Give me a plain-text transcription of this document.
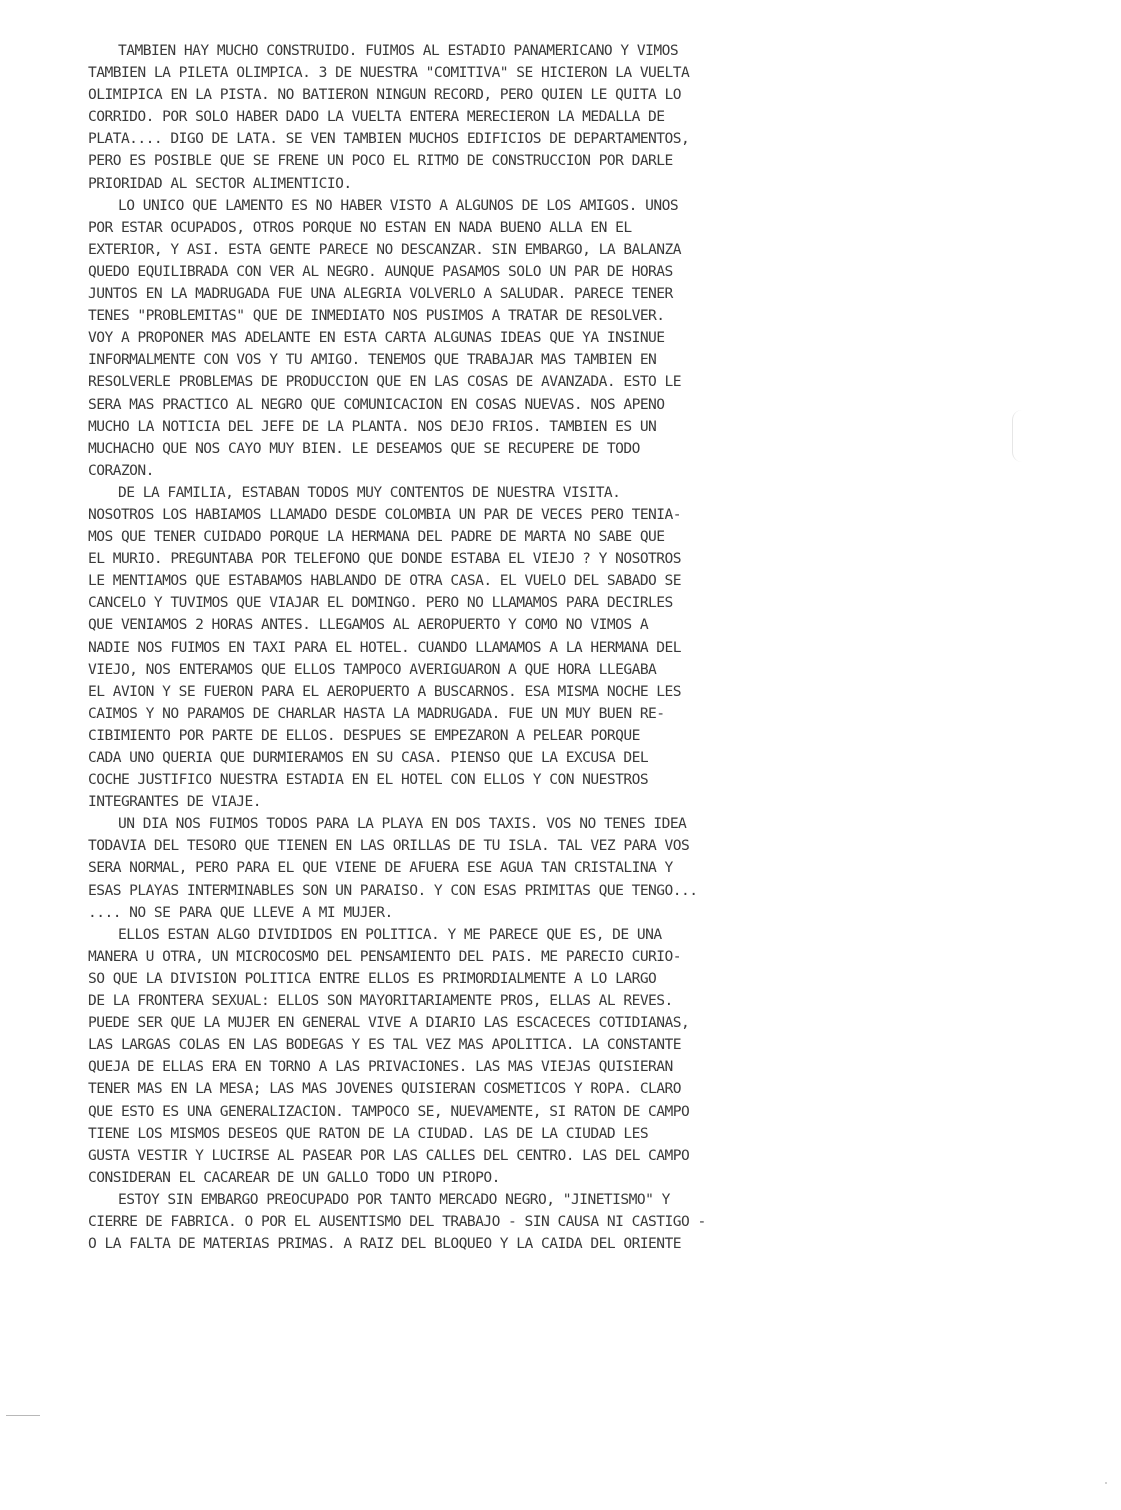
TAMBIEN HAY MUCHO CONSTRUIDO. FUIMOS AL ESTADIO PANAMERICANO Y VIMOS
TAMBIEN LA PILETA OLIMPICA. 3 DE NUESTRA "COMITIVA" SE HICIERON LA VUELTA
OLIMIPICA EN LA PISTA. NO BATIERON NINGUN RECORD, PERO QUIEN LE QUITA LO
CORRIDO. POR SOLO HABER DADO LA VUELTA ENTERA MERECIERON LA MEDALLA DE
PLATA.... DIGO DE LATA. SE VEN TAMBIEN MUCHOS EDIFICIOS DE DEPARTAMENTOS,
PERO ES POSIBLE QUE SE FRENE UN POCO EL RITMO DE CONSTRUCCION POR DARLE
PRIORIDAD AL SECTOR ALIMENTICIO.
LO UNICO QUE LAMENTO ES NO HABER VISTO A ALGUNOS DE LOS AMIGOS. UNOS
POR ESTAR OCUPADOS, OTROS PORQUE NO ESTAN EN NADA BUENO ALLA EN EL
EXTERIOR, Y ASI. ESTA GENTE PARECE NO DESCANZAR. SIN EMBARGO, LA BALANZA
QUEDO EQUILIBRADA CON VER AL NEGRO. AUNQUE PASAMOS SOLO UN PAR DE HORAS
JUNTOS EN LA MADRUGADA FUE UNA ALEGRIA VOLVERLO A SALUDAR. PARECE TENER
TENES "PROBLEMITAS" QUE DE INMEDIATO NOS PUSIMOS A TRATAR DE RESOLVER.
VOY A PROPONER MAS ADELANTE EN ESTA CARTA ALGUNAS IDEAS QUE YA INSINUE
INFORMALMENTE CON VOS Y TU AMIGO. TENEMOS QUE TRABAJAR MAS TAMBIEN EN
RESOLVERLE PROBLEMAS DE PRODUCCION QUE EN LAS COSAS DE AVANZADA. ESTO LE
SERA MAS PRACTICO AL NEGRO QUE COMUNICACION EN COSAS NUEVAS. NOS APENO
MUCHO LA NOTICIA DEL JEFE DE LA PLANTA. NOS DEJO FRIOS. TAMBIEN ES UN
MUCHACHO QUE NOS CAYO MUY BIEN. LE DESEAMOS QUE SE RECUPERE DE TODO
CORAZON.
DE LA FAMILIA, ESTABAN TODOS MUY CONTENTOS DE NUESTRA VISITA.
NOSOTROS LOS HABIAMOS LLAMADO DESDE COLOMBIA UN PAR DE VECES PERO TENIA-
MOS QUE TENER CUIDADO PORQUE LA HERMANA DEL PADRE DE MARTA NO SABE QUE
EL MURIO. PREGUNTABA POR TELEFONO QUE DONDE ESTABA EL VIEJO ? Y NOSOTROS
LE MENTIAMOS QUE ESTABAMOS HABLANDO DE OTRA CASA. EL VUELO DEL SABADO SE
CANCELO Y TUVIMOS QUE VIAJAR EL DOMINGO. PERO NO LLAMAMOS PARA DECIRLES
QUE VENIAMOS 2 HORAS ANTES. LLEGAMOS AL AEROPUERTO Y COMO NO VIMOS A
NADIE NOS FUIMOS EN TAXI PARA EL HOTEL. CUANDO LLAMAMOS A LA HERMANA DEL
VIEJO, NOS ENTERAMOS QUE ELLOS TAMPOCO AVERIGUARON A QUE HORA LLEGABA
EL AVION Y SE FUERON PARA EL AEROPUERTO A BUSCARNOS. ESA MISMA NOCHE LES
CAIMOS Y NO PARAMOS DE CHARLAR HASTA LA MADRUGADA. FUE UN MUY BUEN RE-
CIBIMIENTO POR PARTE DE ELLOS. DESPUES SE EMPEZARON A PELEAR PORQUE
CADA UNO QUERIA QUE DURMIERAMOS EN SU CASA. PIENSO QUE LA EXCUSA DEL
COCHE JUSTIFICO NUESTRA ESTADIA EN EL HOTEL CON ELLOS Y CON NUESTROS
INTEGRANTES DE VIAJE.
UN DIA NOS FUIMOS TODOS PARA LA PLAYA EN DOS TAXIS. VOS NO TENES IDEA
TODAVIA DEL TESORO QUE TIENEN EN LAS ORILLAS DE TU ISLA. TAL VEZ PARA VOS
SERA NORMAL, PERO PARA EL QUE VIENE DE AFUERA ESE AGUA TAN CRISTALINA Y
ESAS PLAYAS INTERMINABLES SON UN PARAISO. Y CON ESAS PRIMITAS QUE TENGO...
.... NO SE PARA QUE LLEVE A MI MUJER.
ELLOS ESTAN ALGO DIVIDIDOS EN POLITICA. Y ME PARECE QUE ES, DE UNA
MANERA U OTRA, UN MICROCOSMO DEL PENSAMIENTO DEL PAIS. ME PARECIO CURIO-
SO QUE LA DIVISION POLITICA ENTRE ELLOS ES PRIMORDIALMENTE A LO LARGO
DE LA FRONTERA SEXUAL: ELLOS SON MAYORITARIAMENTE PROS, ELLAS AL REVES.
PUEDE SER QUE LA MUJER EN GENERAL VIVE A DIARIO LAS ESCACECES COTIDIANAS,
LAS LARGAS COLAS EN LAS BODEGAS Y ES TAL VEZ MAS APOLITICA. LA CONSTANTE
QUEJA DE ELLAS ERA EN TORNO A LAS PRIVACIONES. LAS MAS VIEJAS QUISIERAN
TENER MAS EN LA MESA; LAS MAS JOVENES QUISIERAN COSMETICOS Y ROPA. CLARO
QUE ESTO ES UNA GENERALIZACION. TAMPOCO SE, NUEVAMENTE, SI RATON DE CAMPO
TIENE LOS MISMOS DESEOS QUE RATON DE LA CIUDAD. LAS DE LA CIUDAD LES
GUSTA VESTIR Y LUCIRSE AL PASEAR POR LAS CALLES DEL CENTRO. LAS DEL CAMPO
CONSIDERAN EL CACAREAR DE UN GALLO TODO UN PIROPO.
ESTOY SIN EMBARGO PREOCUPADO POR TANTO MERCADO NEGRO, "JINETISMO" Y
CIERRE DE FABRICA. O POR EL AUSENTISMO DEL TRABAJO - SIN CAUSA NI CASTIGO -
O LA FALTA DE MATERIAS PRIMAS. A RAIZ DEL BLOQUEO Y LA CAIDA DEL ORIENTE
